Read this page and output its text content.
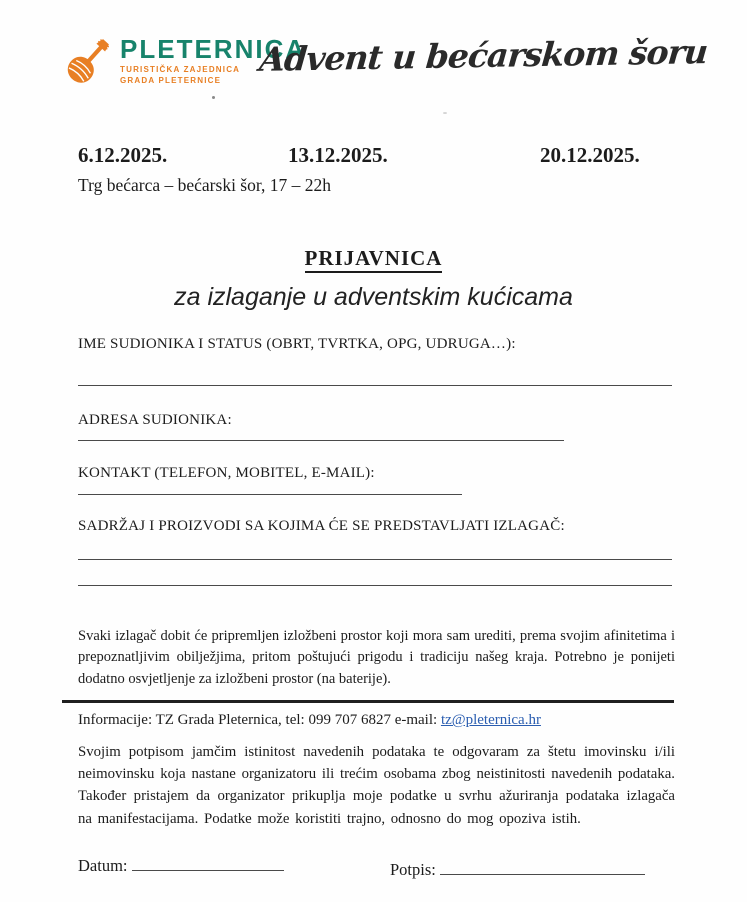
PLETERNICA
TURISTIČKA ZAJEDNICA
GRADA PLETERNICE
Advent u bećarskom šoru
6.12.2025.	13.12.2025.	20.12.2025.
Trg bećarca – bećarski šor, 17 – 22h
PRIJAVNICA
za izlaganje u adventskim kućicama
IME SUDIONIKA I STATUS (OBRT, TVRTKA, OPG, UDRUGA…):
ADRESA SUDIONIKA:
KONTAKT (TELEFON, MOBITEL, E-MAIL):
SADRŽAJ I PROIZVODI SA KOJIMA ĆE SE PREDSTAVLJATI IZLAGAČ:
Svaki izlagač dobit će pripremljen izložbeni prostor koji mora sam urediti, prema svojim afinitetima i prepoznatljivim obilježjima, pritom poštujući prigodu i tradiciju našeg kraja. Potrebno je ponijeti dodatno osvjetljenje za izložbeni prostor (na baterije).
Informacije: TZ Grada Pleternica, tel: 099 707 6827 e-mail: tz@pleternica.hr
Svojim potpisom jamčim istinitost navedenih podataka te odgovaram za štetu imovinsku i/ili neimovinsku koja nastane organizatoru ili trećim osobama zbog neistinitosti navedenih podataka. Također pristajem da organizator prikuplja moje podatke u svrhu ažuriranja podataka izlagača na manifestacijama. Podatke može koristiti trajno, odnosno do mog opoziva istih.
Datum:	Potpis:
